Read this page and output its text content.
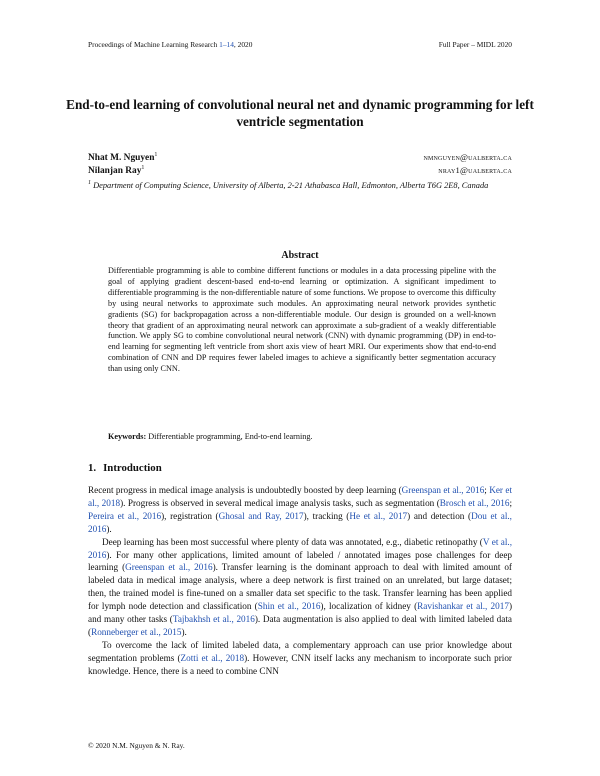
Proceedings of Machine Learning Research 1–14, 2020	Full Paper – MIDL 2020
End-to-end learning of convolutional neural net and dynamic programming for left ventricle segmentation
Nhat M. Nguyen$^1$	nmnguyen@ualberta.ca
Nilanjan Ray$^1$	nray1@ualberta.ca
$^1$ Department of Computing Science, University of Alberta, 2-21 Athabasca Hall, Edmonton, Alberta T6G 2E8, Canada
Abstract
Differentiable programming is able to combine different functions or modules in a data processing pipeline with the goal of applying gradient descent-based end-to-end learning or optimization. A significant impediment to differentiable programming is the non-differentiable nature of some functions. We propose to overcome this difficulty by using neural networks to approximate such modules. An approximating neural network provides synthetic gradients (SG) for backpropagation across a non-differentiable module. Our design is grounded on a well-known theory that gradient of an approximating neural network can approximate a sub-gradient of a weakly differentiable function. We apply SG to combine convolutional neural network (CNN) with dynamic programming (DP) in end-to-end learning for segmenting left ventricle from short axis view of heart MRI. Our experiments show that end-to-end combination of CNN and DP requires fewer labeled images to achieve a significantly better segmentation accuracy than using only CNN.
Keywords: Differentiable programming, End-to-end learning.
1. Introduction

Recent progress in medical image analysis is undoubtedly boosted by deep learning (Greenspan et al., 2016; Ker et al., 2018). Progress is observed in several medical image analysis tasks, such as segmentation (Brosch et al., 2016; Pereira et al., 2016), registration (Ghosal and Ray, 2017), tracking (He et al., 2017) and detection (Dou et al., 2016).

Deep learning has been most successful where plenty of data was annotated, e.g., diabetic retinopathy (V et al., 2016). For many other applications, limited amount of labeled / annotated images pose challenges for deep learning (Greenspan et al., 2016). Transfer learning is the dominant approach to deal with limited amount of labeled data in medical image analysis, where a deep network is first trained on an unrelated, but large dataset; then, the trained model is fine-tuned on a smaller data set specific to the task. Transfer learning has been applied for lymph node detection and classification (Shin et al., 2016), localization of kidney (Ravishankar et al., 2017) and many other tasks (Tajbakhsh et al., 2016). Data augmentation is also applied to deal with limited labeled data (Ronneberger et al., 2015).

To overcome the lack of limited labeled data, a complementary approach can use prior knowledge about segmentation problems (Zotti et al., 2018). However, CNN itself lacks any mechanism to incorporate such prior knowledge. Hence, there is a need to combine CNN

© 2020 N.M. Nguyen & N. Ray.
